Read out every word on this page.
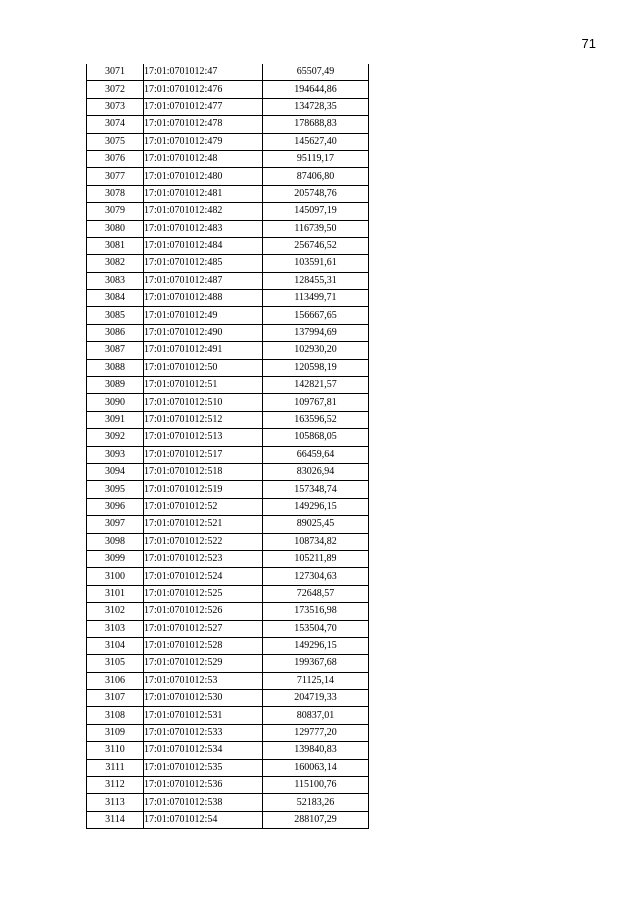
71
3071	17:01:0701012:47	65507,49
3072	17:01:0701012:476	194644,86
3073	17:01:0701012:477	134728,35
3074	17:01:0701012:478	178688,83
3075	17:01:0701012:479	145627,40
3076	17:01:0701012:48	95119,17
3077	17:01:0701012:480	87406,80
3078	17:01:0701012:481	205748,76
3079	17:01:0701012:482	145097,19
3080	17:01:0701012:483	116739,50
3081	17:01:0701012:484	256746,52
3082	17:01:0701012:485	103591,61
3083	17:01:0701012:487	128455,31
3084	17:01:0701012:488	113499,71
3085	17:01:0701012:49	156667,65
3086	17:01:0701012:490	137994,69
3087	17:01:0701012:491	102930,20
3088	17:01:0701012:50	120598,19
3089	17:01:0701012:51	142821,57
3090	17:01:0701012:510	109767,81
3091	17:01:0701012:512	163596,52
3092	17:01:0701012:513	105868,05
3093	17:01:0701012:517	66459,64
3094	17:01:0701012:518	83026,94
3095	17:01:0701012:519	157348,74
3096	17:01:0701012:52	149296,15
3097	17:01:0701012:521	89025,45
3098	17:01:0701012:522	108734,82
3099	17:01:0701012:523	105211,89
3100	17:01:0701012:524	127304,63
3101	17:01:0701012:525	72648,57
3102	17:01:0701012:526	173516,98
3103	17:01:0701012:527	153504,70
3104	17:01:0701012:528	149296,15
3105	17:01:0701012:529	199367,68
3106	17:01:0701012:53	71125,14
3107	17:01:0701012:530	204719,33
3108	17:01:0701012:531	80837,01
3109	17:01:0701012:533	129777,20
3110	17:01:0701012:534	139840,83
3111	17:01:0701012:535	160063,14
3112	17:01:0701012:536	115100,76
3113	17:01:0701012:538	52183,26
3114	17:01:0701012:54	288107,29
